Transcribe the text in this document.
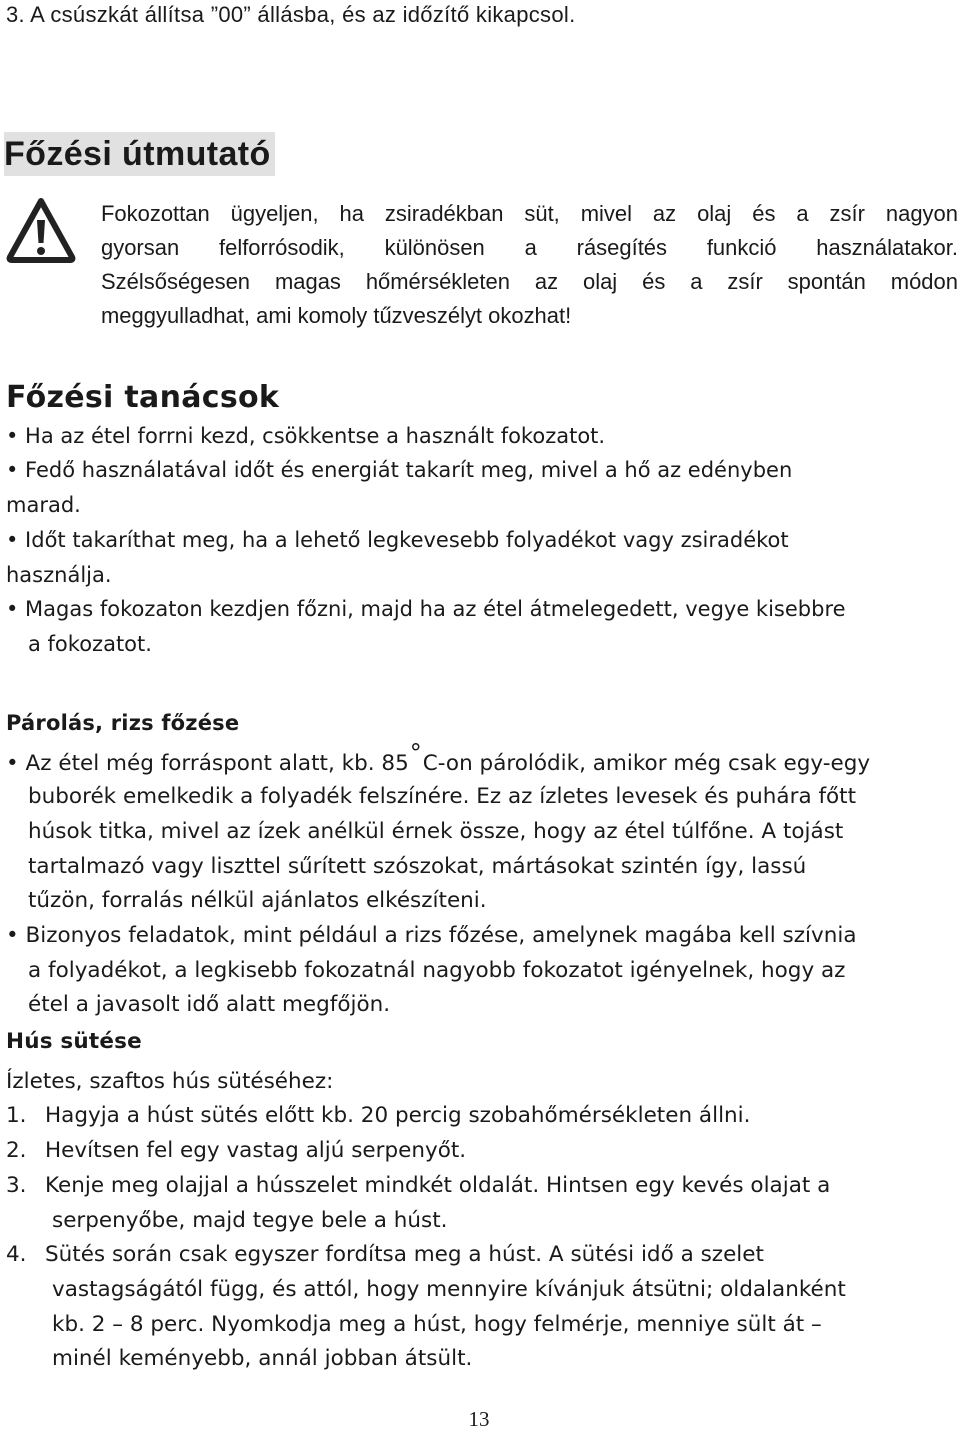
3. A csúszkát állítsa ”00” állásba, és az időzítő kikapcsol.
Főzési útmutató
Fokozottan ügyeljen, ha zsiradékban süt, mivel az olaj és a zsír nagyon
gyorsan felforrósodik, különösen a rásegítés funkció használatakor.
Szélsőségesen magas hőmérsékleten az olaj és a zsír spontán módon
meggyulladhat, ami komoly tűzveszélyt okozhat!
Főzési tanácsok
• Ha az étel forrni kezd, csökkentse a használt fokozatot.
• Fedő használatával időt és energiát takarít meg, mivel a hő az edényben
marad.
• Időt takaríthat meg, ha a lehető legkevesebb folyadékot vagy zsiradékot
használja.
• Magas fokozaton kezdjen főzni, majd ha az étel átmelegedett, vegye kisebbre
a fokozatot.
Párolás, rizs főzése
• Az étel még forráspont alatt, kb. 85°C-on párolódik, amikor még csak egy-egy
buborék emelkedik a folyadék felszínére. Ez az ízletes levesek és puhára főtt
húsok titka, mivel az ízek anélkül érnek össze, hogy az étel túlfőne. A tojást
tartalmazó vagy liszttel sűrített szószokat, mártásokat szintén így, lassú
tűzön, forralás nélkül ajánlatos elkészíteni.
• Bizonyos feladatok, mint például a rizs főzése, amelynek magába kell szívnia
a folyadékot, a legkisebb fokozatnál nagyobb fokozatot igényelnek, hogy az
étel a javasolt idő alatt megfőjön.
Hús sütése
Ízletes, szaftos hús sütéséhez:
1. Hagyja a húst sütés előtt kb. 20 percig szobahőmérsékleten állni.
2. Hevítsen fel egy vastag aljú serpenyőt.
3. Kenje meg olajjal a hússzelet mindkét oldalát. Hintsen egy kevés olajat a
serpenyőbe, majd tegye bele a húst.
4. Sütés során csak egyszer fordítsa meg a húst. A sütési idő a szelet
vastagságától függ, és attól, hogy mennyire kívánjuk átsütni; oldalanként
kb. 2 – 8 perc. Nyomkodja meg a húst, hogy felmérje, menniye sült át –
minél keményebb, annál jobban átsült.
13
